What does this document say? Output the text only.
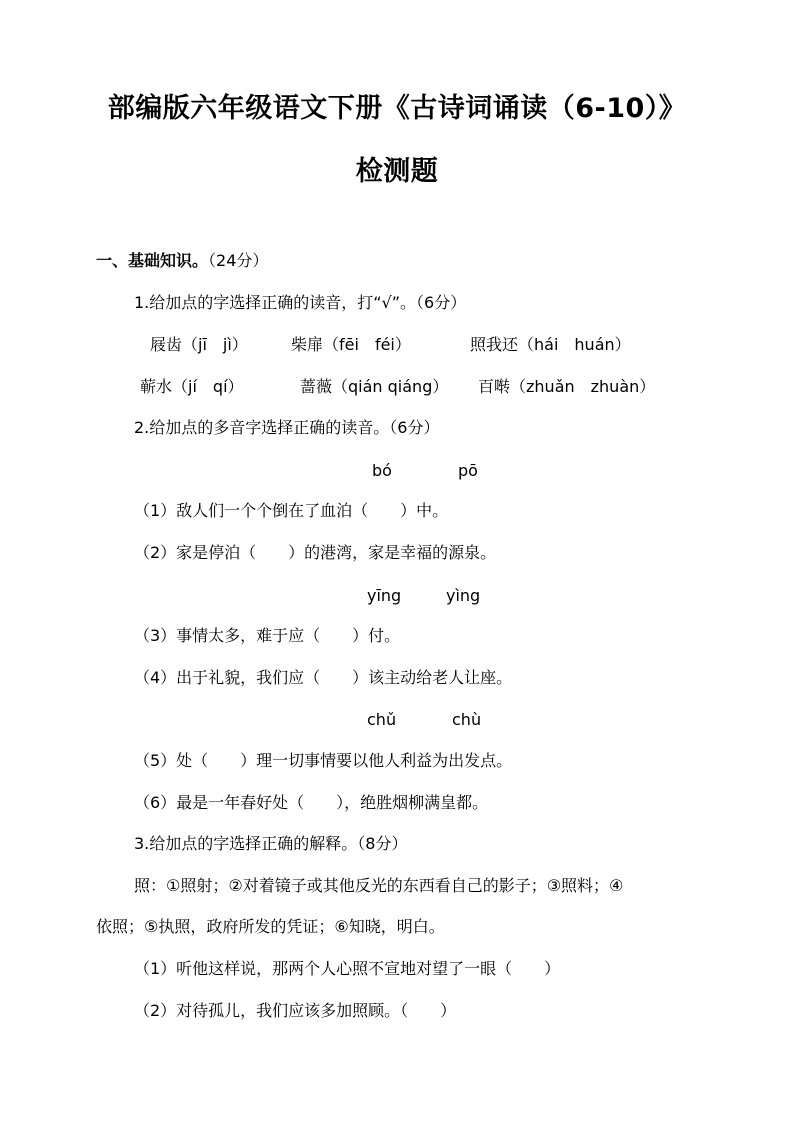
部编版六年级语文下册《古诗词诵读（6-10）》
检测题
一、基础知识。（24分）
1.给加点的字选择正确的读音，打“√”。（6分）
屐齿（jī　jì）	柴扉（fēi　féi）	照我还（hái　huán）
蕲水（jí　qí）	蔷薇（qián qiáng） 百啭（zhuǎn　zhuàn）
2.给加点的多音字选择正确的读音。（6分）
bó	pō
（1）敌人们一个个倒在了血泊（　　）中。
（2）家是停泊（　　）的港湾，家是幸福的源泉。
yīng	yìng
（3）事情太多，难于应（　　）付。
（4）出于礼貌，我们应（　　）该主动给老人让座。
chǔ	chù
（5）处（　　）理一切事情要以他人利益为出发点。
（6）最是一年春好处（　　），绝胜烟柳满皇都。
3.给加点的字选择正确的解释。（8分）
照：①照射；②对着镜子或其他反光的东西看自己的影子；③照料；④
依照；⑤执照，政府所发的凭证；⑥知晓，明白。
（1）听他这样说，那两个人心照不宣地对望了一眼（　　）
（2）对待孤儿，我们应该多加照顾。（　　）
